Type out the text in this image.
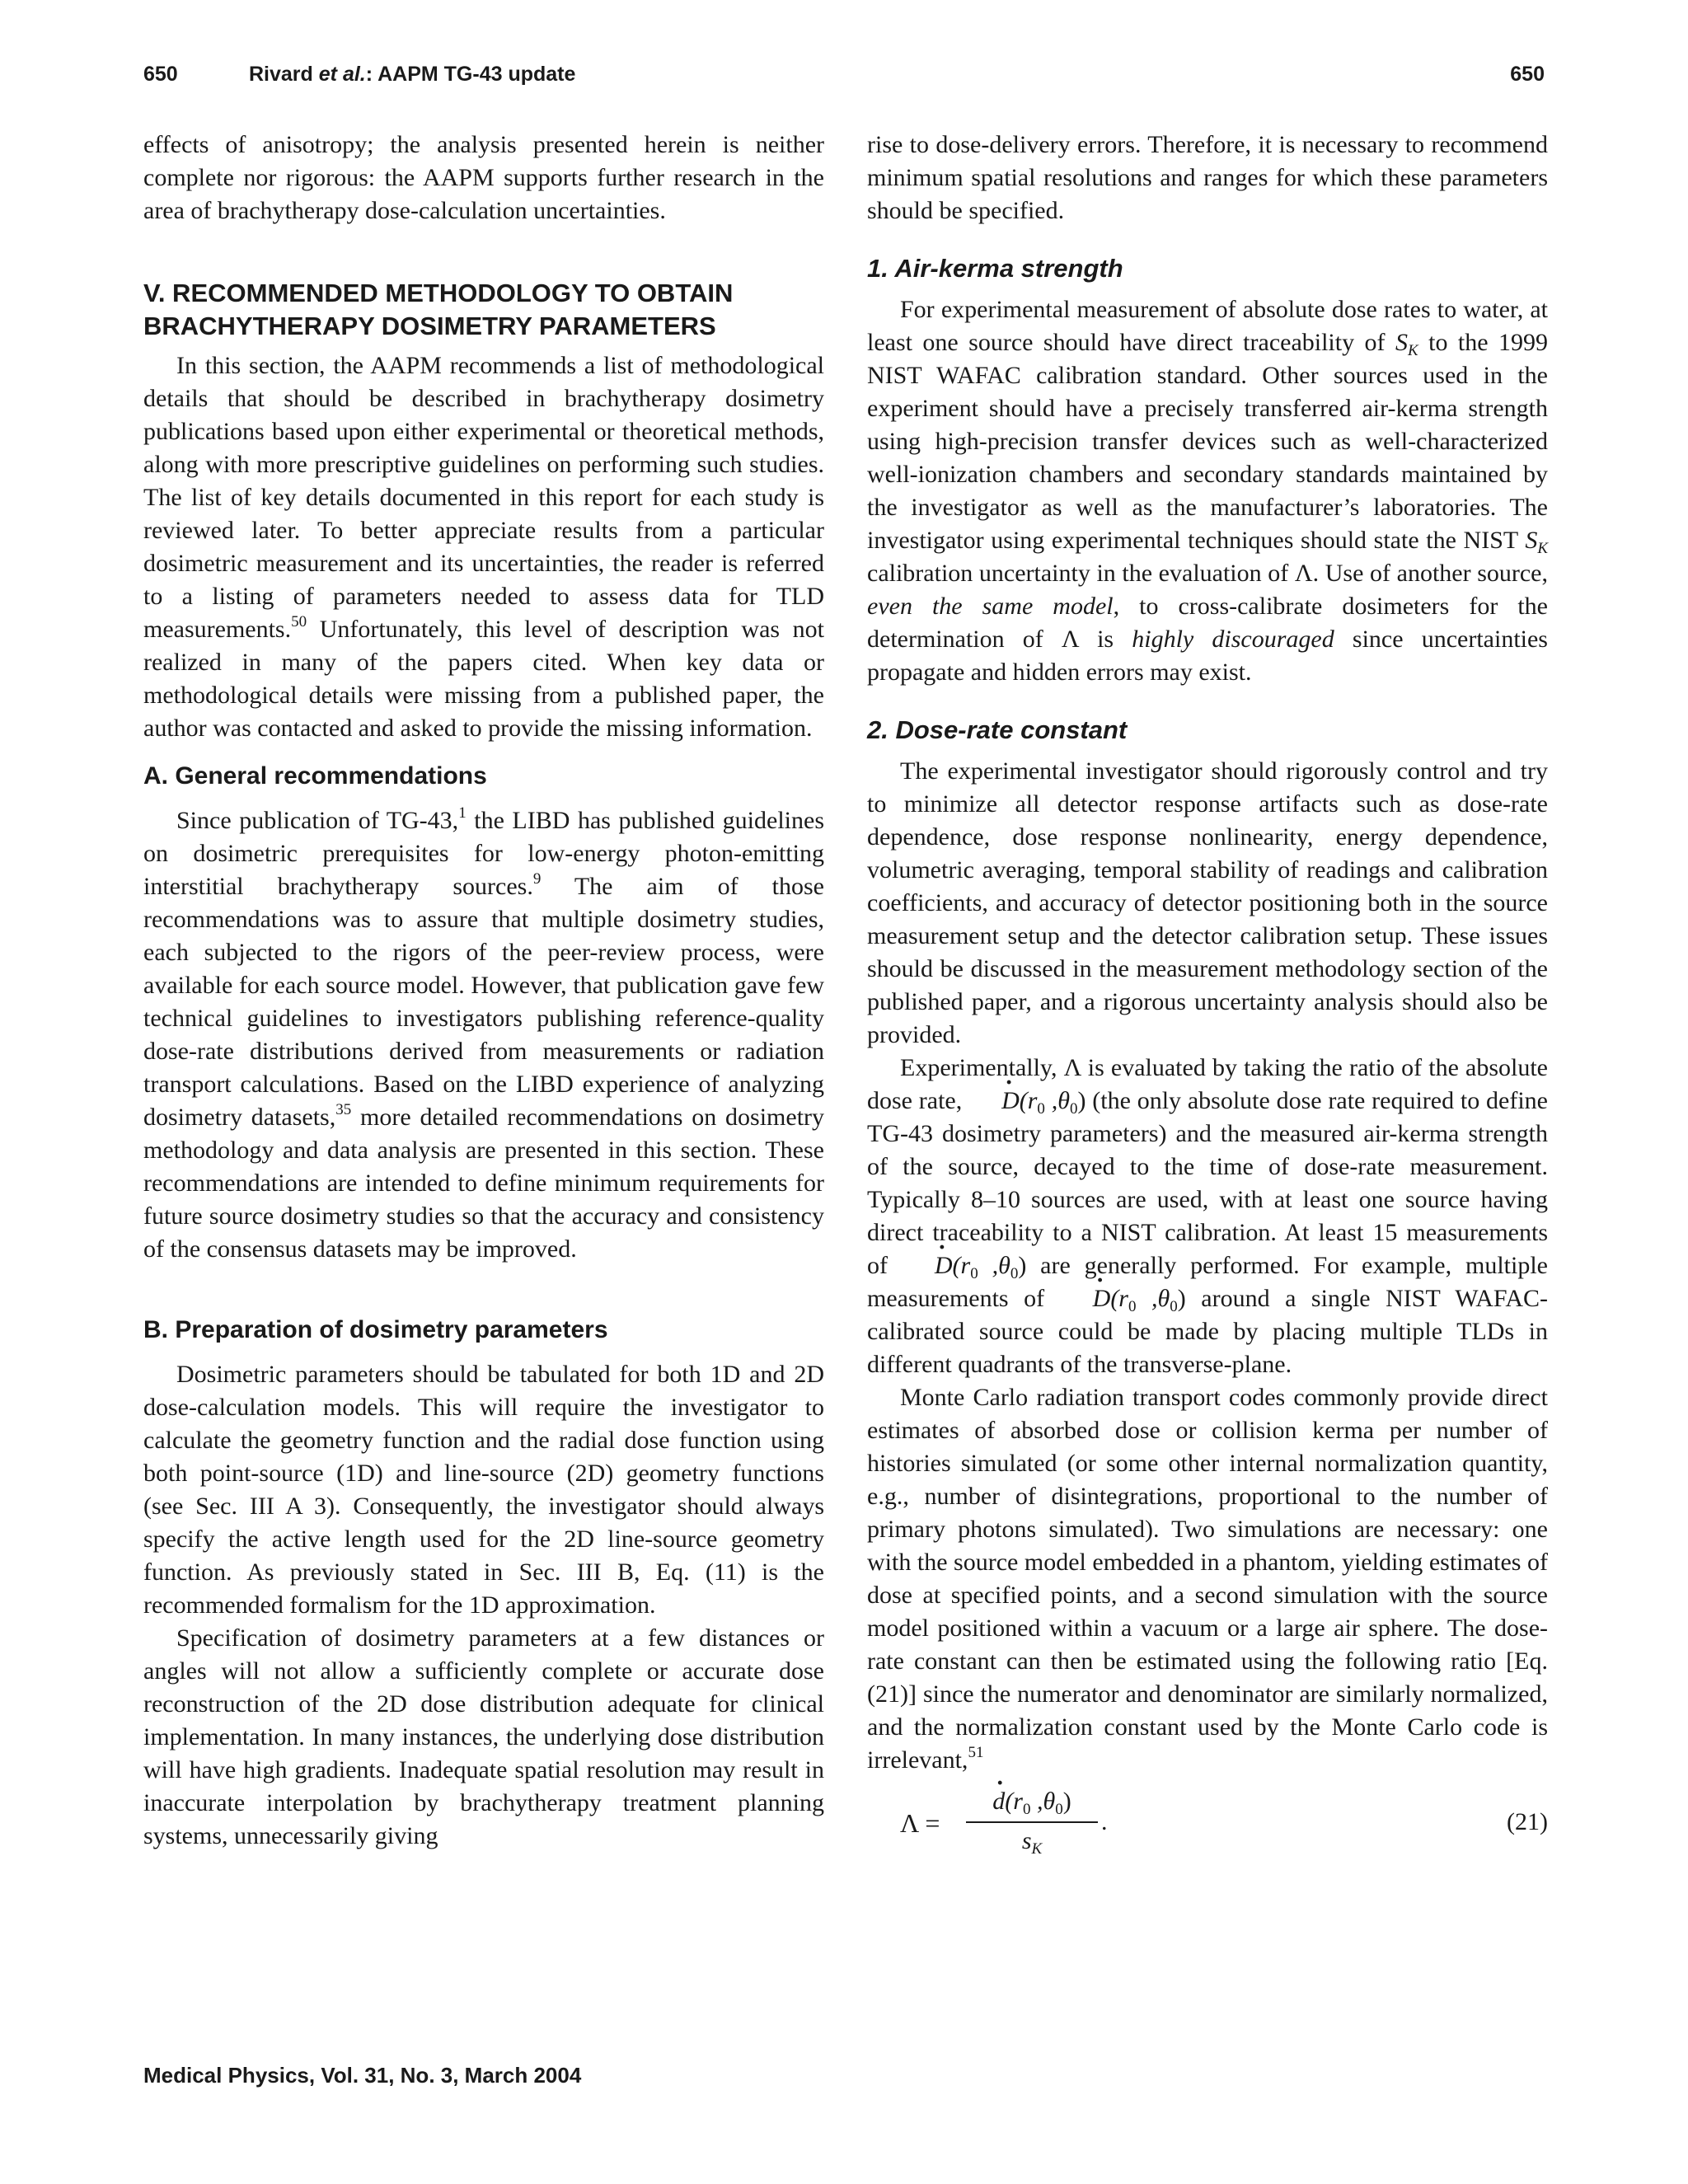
650	Rivard et al.: AAPM TG-43 update	650

effects of anisotropy; the analysis presented herein is neither complete nor rigorous: the AAPM supports further research in the area of brachytherapy dose-calculation uncertainties.

V. RECOMMENDED METHODOLOGY TO OBTAIN
BRACHYTHERAPY DOSIMETRY PARAMETERS

In this section, the AAPM recommends a list of methodological details that should be described in brachytherapy dosimetry publications based upon either experimental or theoretical methods, along with more prescriptive guidelines on performing such studies. The list of key details documented in this report for each study is reviewed later. To better appreciate results from a particular dosimetric measurement and its uncertainties, the reader is referred to a listing of parameters needed to assess data for TLD measurements.$^{50}$ Unfortunately, this level of description was not realized in many of the papers cited. When key data or methodological details were missing from a published paper, the author was contacted and asked to provide the missing information.

A. General recommendations

Since publication of TG-43,$^1$ the LIBD has published guidelines on dosimetric prerequisites for low-energy photon-emitting interstitial brachytherapy sources.$^9$ The aim of those recommendations was to assure that multiple dosimetry studies, each subjected to the rigors of the peer-review process, were available for each source model. However, that publication gave few technical guidelines to investigators publishing reference-quality dose-rate distributions derived from measurements or radiation transport calculations. Based on the LIBD experience of analyzing dosimetry datasets,$^{35}$ more detailed recommendations on dosimetry methodology and data analysis are presented in this section. These recommendations are intended to define minimum requirements for future source dosimetry studies so that the accuracy and consistency of the consensus datasets may be improved.

B. Preparation of dosimetry parameters

Dosimetric parameters should be tabulated for both 1D and 2D dose-calculation models. This will require the investigator to calculate the geometry function and the radial dose function using both point-source (1D) and line-source (2D) geometry functions (see Sec. III A 3). Consequently, the investigator should always specify the active length used for the 2D line-source geometry function. As previously stated in Sec. III B, Eq. (11) is the recommended formalism for the 1D approximation.

Specification of dosimetry parameters at a few distances or angles will not allow a sufficiently complete or accurate dose reconstruction of the 2D dose distribution adequate for clinical implementation. In many instances, the underlying dose distribution will have high gradients. Inadequate spatial resolution may result in inaccurate interpolation by brachytherapy treatment planning systems, unnecessarily giving

rise to dose-delivery errors. Therefore, it is necessary to recommend minimum spatial resolutions and ranges for which these parameters should be specified.

1. Air-kerma strength

For experimental measurement of absolute dose rates to water, at least one source should have direct traceability of $S_K$ to the 1999 NIST WAFAC calibration standard. Other sources used in the experiment should have a precisely transferred air-kerma strength using high-precision transfer devices such as well-characterized well-ionization chambers and secondary standards maintained by the investigator as well as the manufacturer’s laboratories. The investigator using experimental techniques should state the NIST $S_K$ calibration uncertainty in the evaluation of Λ. Use of another source, even the same model, to cross-calibrate dosimeters for the determination of Λ is highly discouraged since uncertainties propagate and hidden errors may exist.

2. Dose-rate constant

The experimental investigator should rigorously control and try to minimize all detector response artifacts such as dose-rate dependence, dose response nonlinearity, energy dependence, volumetric averaging, temporal stability of readings and calibration coefficients, and accuracy of detector positioning both in the source measurement setup and the detector calibration setup. These issues should be discussed in the measurement methodology section of the published paper, and a rigorous uncertainty analysis should also be provided.

Experimentally, Λ is evaluated by taking the ratio of the absolute dose rate, · $D(r_0$ $,\theta_0$) (the only absolute dose rate required to define TG-43 dosimetry parameters) and the measured air-kerma strength of the source, decayed to the time of dose-rate measurement. Typically 8–10 sources are used, with at least one source having direct traceability to a NIST calibration. At least 15 measurements of · $D(r_0$ $,\theta_0$) are generally performed. For example, multiple measurements of · $D(r_0$ $,\theta_0$) around a single NIST WAFAC-calibrated source could be made by placing multiple TLDs in different quadrants of the transverse-plane.

Monte Carlo radiation transport codes commonly provide direct estimates of absorbed dose or collision kerma per number of histories simulated (or some other internal normalization quantity, e.g., number of disintegrations, proportional to the number of primary photons simulated). Two simulations are necessary: one with the source model embedded in a phantom, yielding estimates of dose at specified points, and a second simulation with the source model positioned within a vacuum or a large air sphere. The dose-rate constant can then be estimated using the following ratio [Eq. (21)] since the numerator and denominator are similarly normalized, and the normalization constant used by the Monte Carlo code is irrelevant,$^{51}$

Λ =
· $d(r_0$ $,\theta_0$)
$s_K$
.	(21)
Medical Physics, Vol. 31, No. 3, March 2004
